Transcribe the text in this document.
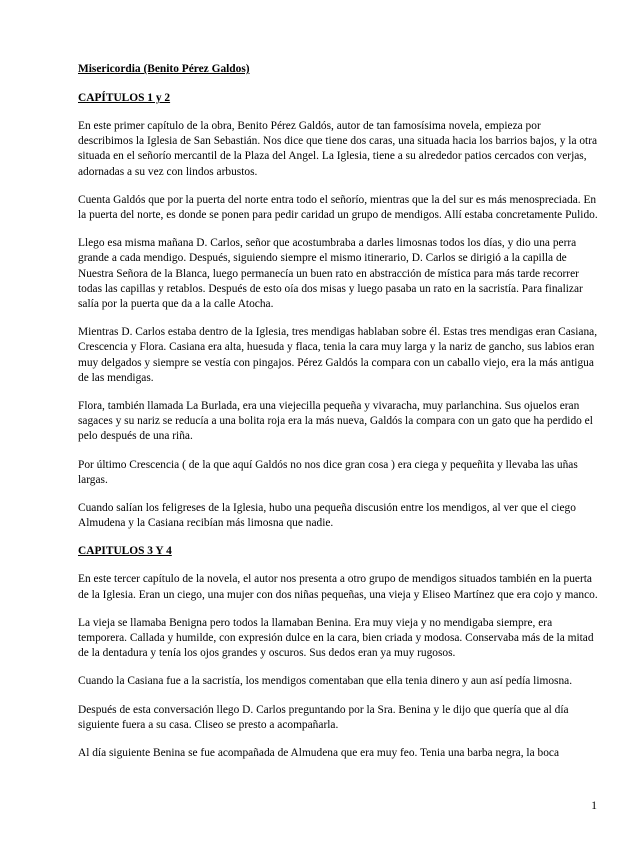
Misericordia (Benito Pérez Galdos)

CAPÍTULOS 1 y 2

En este primer capítulo de la obra, Benito Pérez Galdós, autor de tan famosísima novela, empieza por describimos la Iglesia de San Sebastián. Nos dice que tiene dos caras, una situada hacia los barrios bajos, y la otra situada en el señorío mercantil de la Plaza del Angel. La Iglesia, tiene a su alrededor patios cercados con verjas, adornadas a su vez con lindos arbustos.

Cuenta Galdós que por la puerta del norte entra todo el señorío, mientras que la del sur es más menospreciada. En la puerta del norte, es donde se ponen para pedir caridad un grupo de mendigos. Allí estaba concretamente Pulido.

Llego esa misma mañana D. Carlos, señor que acostumbraba a darles limosnas todos los días, y dio una perra grande a cada mendigo. Después, siguiendo siempre el mismo itinerario, D. Carlos se dirigió a la capilla de Nuestra Señora de la Blanca, luego permanecía un buen rato en abstracción de mística para más tarde recorrer todas las capillas y retablos. Después de esto oía dos misas y luego pasaba un rato en la sacristía. Para finalizar salía por la puerta que da a la calle Atocha.

Mientras D. Carlos estaba dentro de la Iglesia, tres mendigas hablaban sobre él. Estas tres mendigas eran Casiana, Crescencia y Flora. Casiana era alta, huesuda y flaca, tenia la cara muy larga y la nariz de gancho, sus labios eran muy delgados y siempre se vestía con pingajos. Pérez Galdós la compara con un caballo viejo, era la más antigua de las mendigas.

Flora, también llamada La Burlada, era una viejecilla pequeña y vivaracha, muy parlanchina. Sus ojuelos eran sagaces y su nariz se reducía a una bolita roja era la más nueva, Galdós la compara con un gato que ha perdido el pelo después de una riña.

Por último Crescencia ( de la que aquí Galdós no nos dice gran cosa ) era ciega y pequeñita y llevaba las uñas largas.

Cuando salían los feligreses de la Iglesia, hubo una pequeña discusión entre los mendigos, al ver que el ciego Almudena y la Casiana recibían más limosna que nadie.

CAPITULOS 3 Y 4

En este tercer capítulo de la novela, el autor nos presenta a otro grupo de mendigos situados también en la puerta de la Iglesia. Eran un ciego, una mujer con dos niñas pequeñas, una vieja y Eliseo Martínez que era cojo y manco.

La vieja se llamaba Benigna pero todos la llamaban Benina. Era muy vieja y no mendigaba siempre, era temporera. Callada y humilde, con expresión dulce en la cara, bien criada y modosa. Conservaba más de la mitad de la dentadura y tenía los ojos grandes y oscuros. Sus dedos eran ya muy rugosos.

Cuando la Casiana fue a la sacristía, los mendigos comentaban que ella tenia dinero y aun así pedía limosna.

Después de esta conversación llego D. Carlos preguntando por la Sra. Benina y le dijo que quería que al día siguiente fuera a su casa. Cliseo se presto a acompañarla.

Al día siguiente Benina se fue acompañada de Almudena que era muy feo. Tenia una barba negra, la boca

1
